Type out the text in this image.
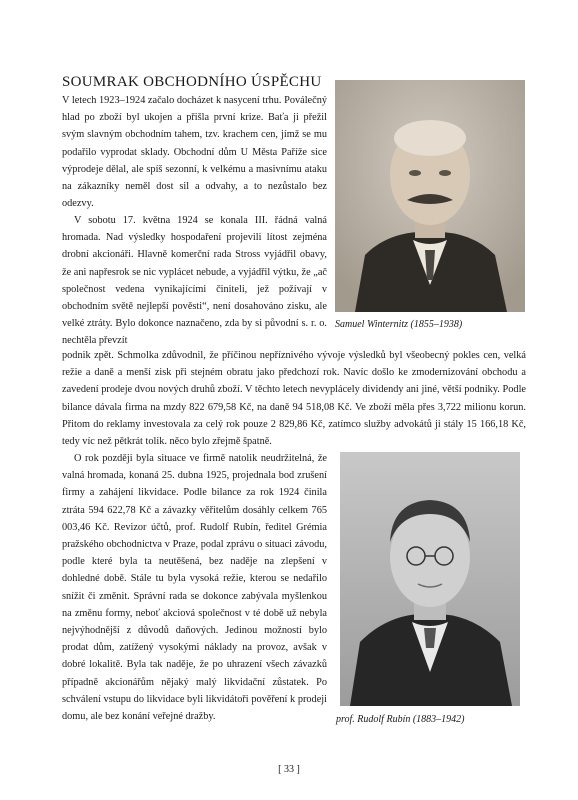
SOUMRAK OBCHODNÍHO ÚSPĚCHU

V letech 1923–1924 začalo docházet k nasycení trhu. Poválečný hlad po zboží byl ukojen a přišla první krize. Baťa ji přežil svým slavným obchodním tahem, tzv. krachem cen, jímž se mu podařilo vyprodat sklady. Obchodní dům U Města Paříže sice výprodeje dělal, ale spíš sezonní, k velkému a masivnímu ataku na zákazníky neměl dost sil a odvahy, a to nezůstalo bez odezvy.

V sobotu 17. května 1924 se konala III. řádná valná hromada. Nad výsledky hospodaření projevili lítost zejména drobní akcionáři. Hlavně komerční rada Stross vyjádřil obavy, že ani napřesrok se nic vyplácet nebude, a vyjádřil výtku, že „ač společnost vedena vynikajícími činiteli, jež požívají v obchodním světě nejlepší pověsti“, není dosahováno zisku, ale velké ztráty. Bylo dokonce naznačeno, zda by si původní s. r. o. nechtěla převzít

podnik zpět. Schmolka zdůvodnil, že příčinou nepříznivého vývoje výsledků byl všeobecný pokles cen, velká režie a daně a menší zisk při stejném obratu jako předchozí rok. Navíc došlo ke zmodernizování obchodu a zavedení prodeje dvou nových druhů zboží. V těchto letech nevyplácely dividendy ani jiné, větší podniky. Podle bilance dávala firma na mzdy 822 679,58 Kč, na daně 94 518,08 Kč. Ve zboží měla přes 3,722 milionu korun. Přitom do reklamy investovala za celý rok pouze 2 829,86 Kč, zatímco služby advokátů ji stály 15 166,18 Kč, tedy víc než pětkrát tolik. něco bylo zřejmě špatně.

O rok později byla situace ve firmě natolik neudržitelná, že valná hromada, konaná 25. dubna 1925, projednala bod zrušení firmy a zahájení likvidace. Podle bilance za rok 1924 činila ztráta 594 622,78 Kč a závazky věřitelům dosáhly celkem 765 003,46 Kč. Revizor účtů, prof. Rudolf Rubín, ředitel Grémia pražského obchodnictva v Praze, podal zprávu o situaci závodu, podle které byla ta neutěšená, bez naděje na zlepšení v dohledné době. Stále tu byla vysoká režie, kterou se nedařilo snížit či změnit. Správní rada se dokonce zabývala myšlenkou na změnu formy, neboť akciová společnost v té době už nebyla nejvýhodnější z důvodů daňových. Jedinou možností bylo prodat dům, zatížený vysokými náklady na provoz, avšak v dobré lokalitě. Byla tak naděje, že po uhrazení všech závazků případně akcionářům nějaký malý likvidační zůstatek. Po schválení vstupu do likvidace byli likvidátoři pověření k prodeji domu, ale bez konání veřejné dražby.

Samuel Winternitz (1855–1938)

prof. Rudolf Rubín (1883–1942)

[ 33 ]
